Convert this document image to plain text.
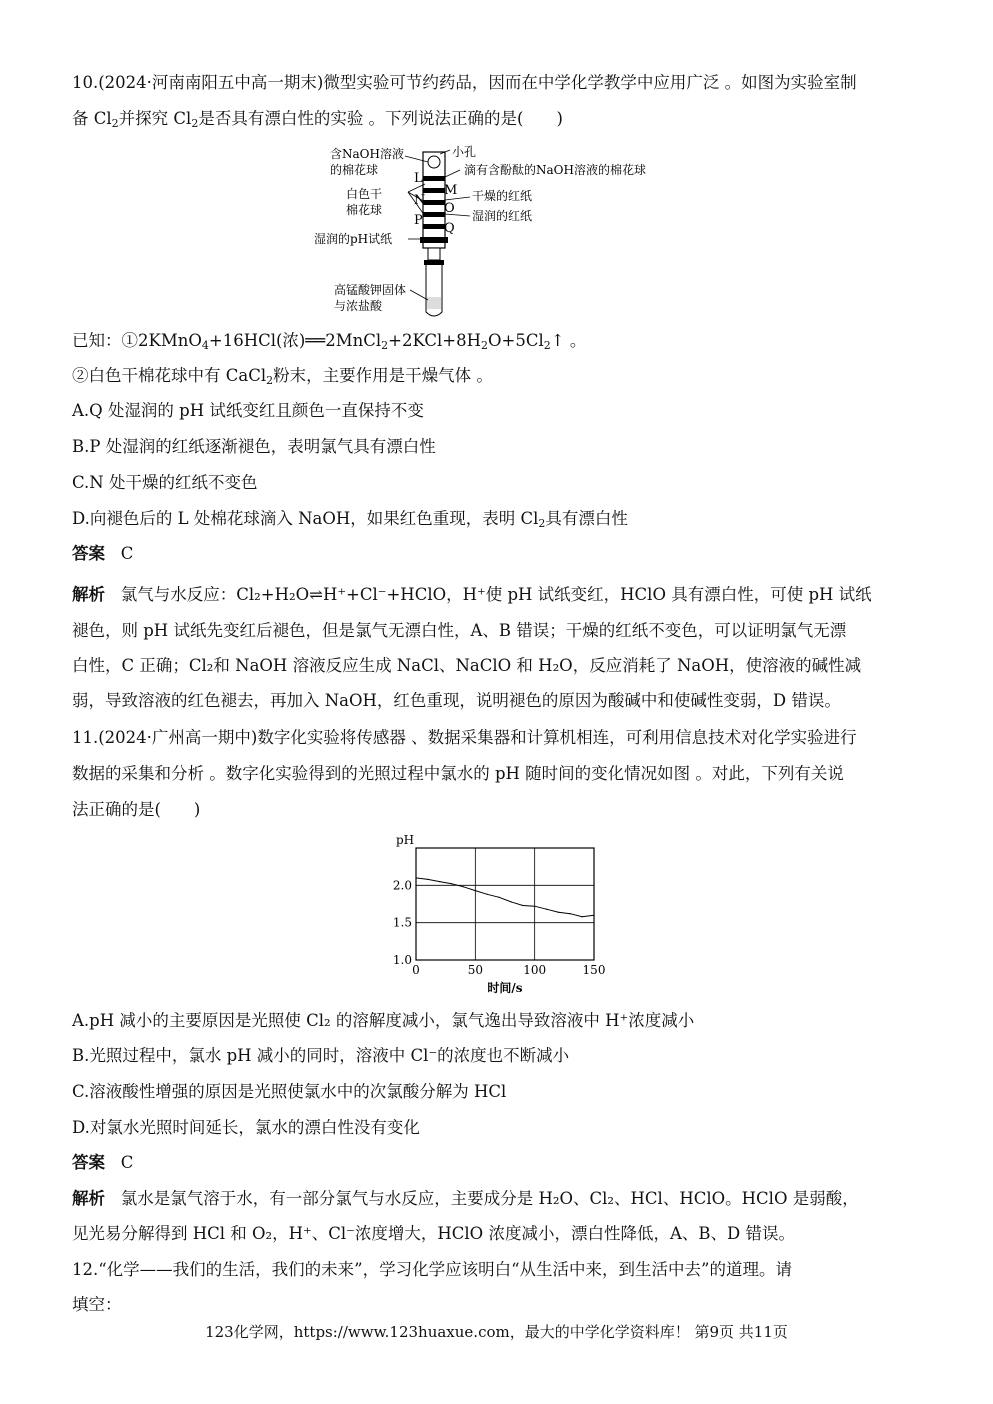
10.(2024·河南南阳五中高一期末)微型实验可节约药品，因而在中学化学教学中应用广泛 。如图为实验室制
备 $Cl_2$并探究 $Cl_2$是否具有漂白性的实验 。下列说法正确的是(　　)
含NaOH溶液
的棉花球
白色干
棉花球
湿润的pH试纸
高锰酸钾固体
与浓盐酸
L
M
N
O
P
Q
小孔
滴有含酚酞的NaOH溶液的棉花球
干燥的红纸
湿润的红纸
已知：①2KMnO$_4$+16HCl(浓)$══2MnCl_2+2KCl+8H_2O+5Cl_2↑$ 。
②白色干棉花球中有 CaCl$_2$粉末，主要作用是干燥气体 。
A.Q 处湿润的 pH 试纸变红且颜色一直保持不变
B.P 处湿润的红纸逐渐褪色，表明氯气具有漂白性
C.N 处干燥的红纸不变色
D.向褪色后的 L 处棉花球滴入 NaOH，如果红色重现，表明 $Cl_2$具有漂白性
答案 C
解析 氯气与水反应：Cl₂+H₂O⇌H⁺+Cl⁻+HClO，H⁺使 pH 试纸变红，HClO 具有漂白性，可使 pH 试纸
褪色，则 pH 试纸先变红后褪色，但是氯气无漂白性，A、B 错误；干燥的红纸不变色，可以证明氯气无漂
白性，C 正确；Cl₂和 NaOH 溶液反应生成 NaCl、NaClO 和 H₂O，反应消耗了 NaOH，使溶液的碱性减
弱，导致溶液的红色褪去，再加入 NaOH，红色重现，说明褪色的原因为酸碱中和使碱性变弱，D 错误。
11.(2024·广州高一期中)数字化实验将传感器 、数据采集器和计算机相连，可利用信息技术对化学实验进行
数据的采集和分析 。数字化实验得到的光照过程中氯水的 pH 随时间的变化情况如图 。对此，下列有关说
法正确的是(　　)
0	50	100	150
1.0
1.5
2.0
pH
时间/s
A.pH 减小的主要原因是光照使 Cl₂ 的溶解度减小，氯气逸出导致溶液中 H⁺浓度减小
B.光照过程中，氯水 pH 减小的同时，溶液中 Cl⁻的浓度也不断减小
C.溶液酸性增强的原因是光照使氯水中的次氯酸分解为 HCl
D.对氯水光照时间延长，氯水的漂白性没有变化
答案 C
解析 氯水是氯气溶于水，有一部分氯气与水反应，主要成分是 H₂O、Cl₂、HCl、HClO。HClO 是弱酸，
见光易分解得到 HCl 和 O₂，H⁺、Cl⁻浓度增大，HClO 浓度减小，漂白性降低，A、B、D 错误。
12.“化学——我们的生活，我们的未来”，学习化学应该明白“从生活中来，到生活中去”的道理。请
填空：
123化学网，https://www.123huaxue.com，最大的中学化学资料库！ 第9页 共11页
